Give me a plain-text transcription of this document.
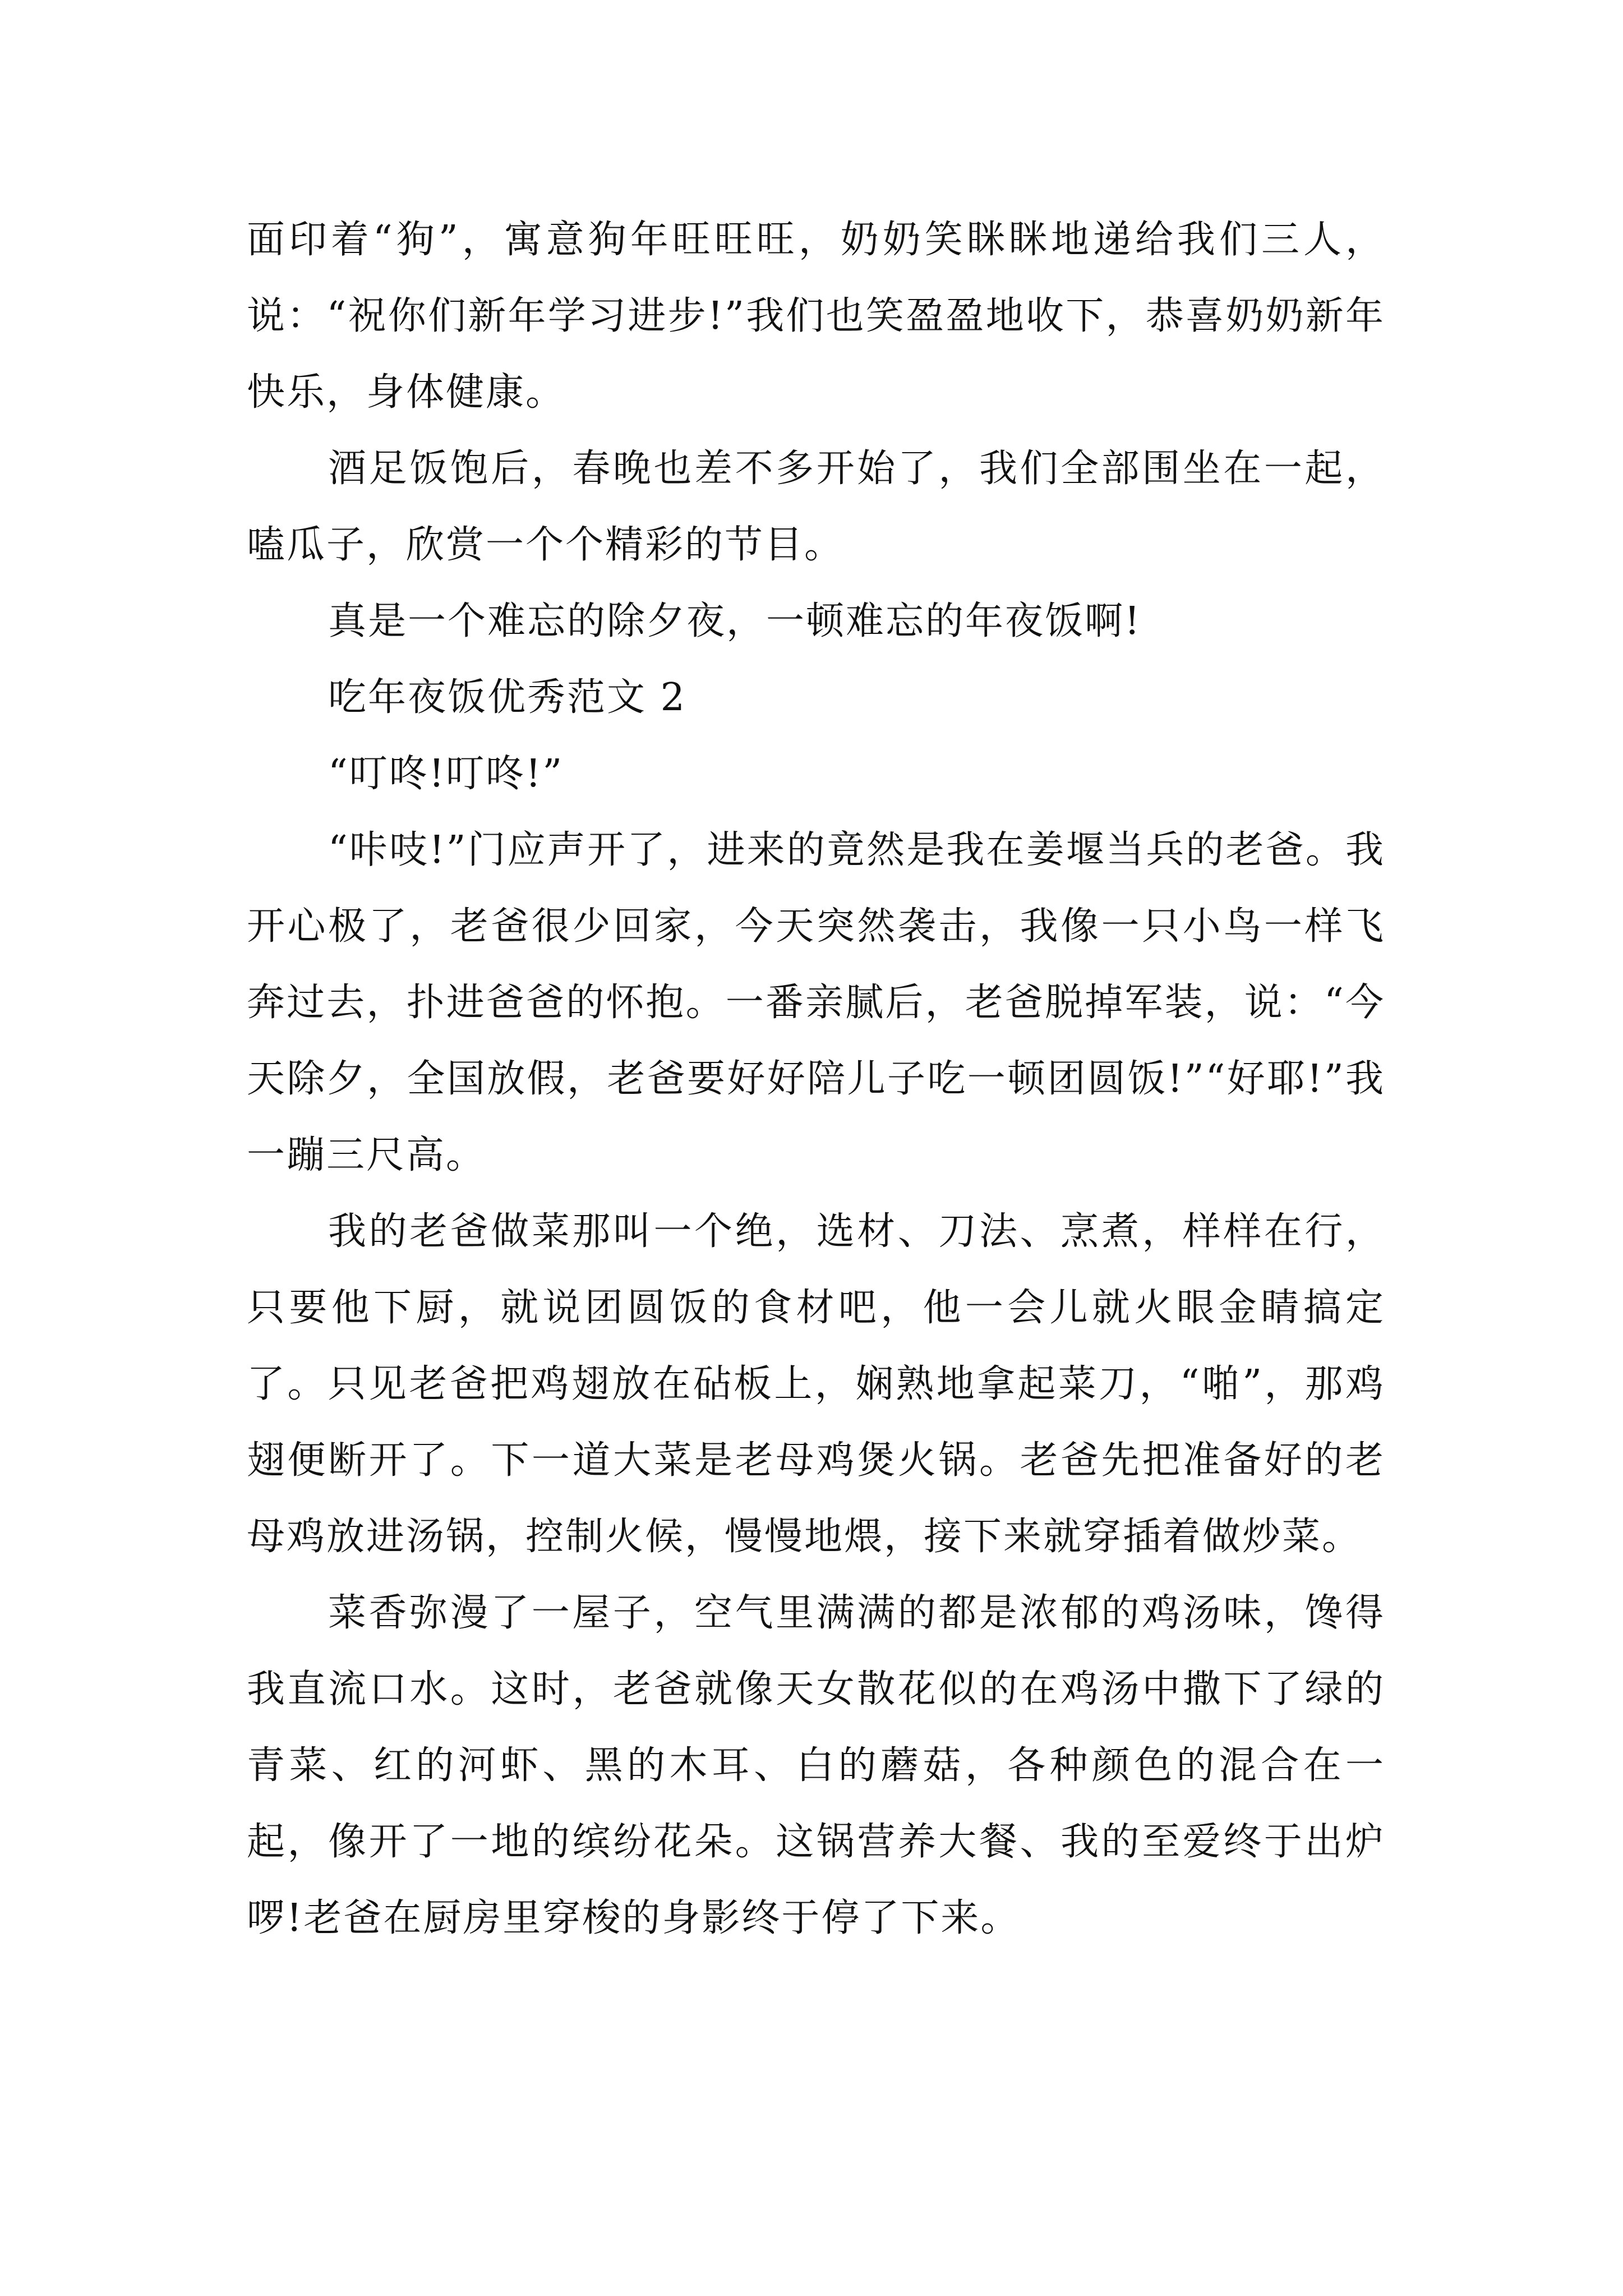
面印着“狗”，寓意狗年旺旺旺，奶奶笑眯眯地递给我们三人，说：“祝你们新年学习进步!”我们也笑盈盈地收下，恭喜奶奶新年快乐，身体健康。

酒足饭饱后，春晚也差不多开始了，我们全部围坐在一起，嗑瓜子，欣赏一个个精彩的节目。

真是一个难忘的除夕夜，一顿难忘的年夜饭啊!

吃年夜饭优秀范文 2

“叮咚!叮咚!”

“咔吱!”门应声开了，进来的竟然是我在姜堰当兵的老爸。我开心极了，老爸很少回家，今天突然袭击，我像一只小鸟一样飞奔过去，扑进爸爸的怀抱。一番亲腻后，老爸脱掉军装，说：“今天除夕，全国放假，老爸要好好陪儿子吃一顿团圆饭!”“好耶!”我一蹦三尺高。

我的老爸做菜那叫一个绝，选材、刀法、烹煮，样样在行，只要他下厨，就说团圆饭的食材吧，他一会儿就火眼金睛搞定了。只见老爸把鸡翅放在砧板上，娴熟地拿起菜刀，“啪”，那鸡翅便断开了。下一道大菜是老母鸡煲火锅。老爸先把准备好的老母鸡放进汤锅，控制火候，慢慢地煨，接下来就穿插着做炒菜。

菜香弥漫了一屋子，空气里满满的都是浓郁的鸡汤味，馋得我直流口水。这时，老爸就像天女散花似的在鸡汤中撒下了绿的青菜、红的河虾、黑的木耳、白的蘑菇，各种颜色的混合在一起，像开了一地的缤纷花朵。这锅营养大餐、我的至爱终于出炉啰!老爸在厨房里穿梭的身影终于停了下来。
